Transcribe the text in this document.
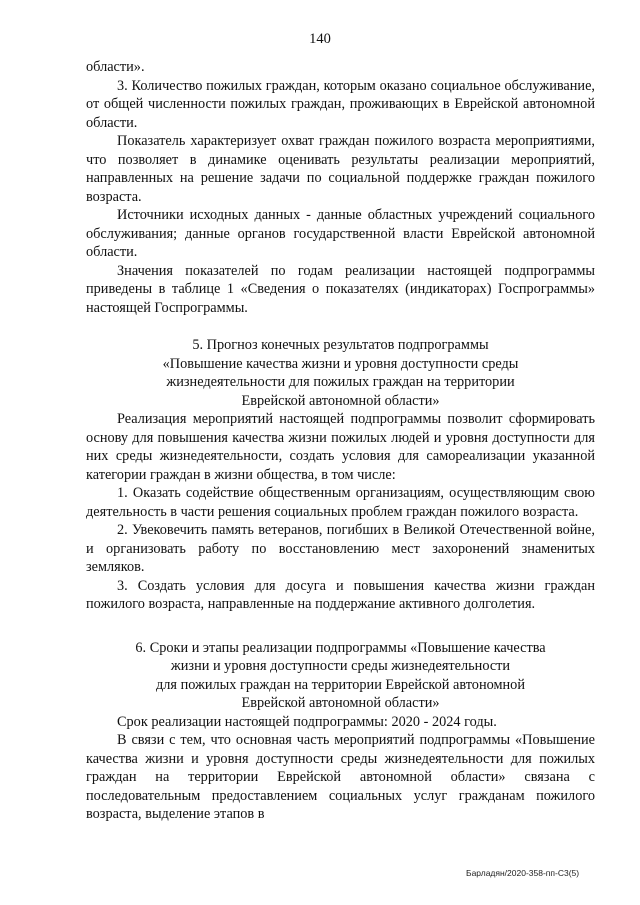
140

области».

3. Количество пожилых граждан, которым оказано социальное обслуживание, от общей численности пожилых граждан, проживающих в Еврейской автономной области.

Показатель характеризует охват граждан пожилого возраста мероприятиями, что позволяет в динамике оценивать результаты реализации мероприятий, направленных на решение задачи по социальной поддержке граждан пожилого возраста.

Источники исходных данных - данные областных учреждений социального обслуживания; данные органов государственной власти Еврейской автономной области.

Значения показателей по годам реализации настоящей подпрограммы приведены в таблице 1 «Сведения о показателях (индикаторах) Госпрограммы» настоящей Госпрограммы.

5. Прогноз конечных результатов подпрограммы
«Повышение качества жизни и уровня доступности среды
жизнедеятельности для пожилых граждан на территории
Еврейской автономной области»

Реализация мероприятий настоящей подпрограммы позволит сформировать основу для повышения качества жизни пожилых людей и уровня доступности для них среды жизнедеятельности, создать условия для самореализации указанной категории граждан в жизни общества, в том числе:

1. Оказать содействие общественным организациям, осуществляющим свою деятельность в части решения социальных проблем граждан пожилого возраста.

2. Увековечить память ветеранов, погибших в Великой Отечественной войне, и организовать работу по восстановлению мест захоронений знаменитых земляков.

3. Создать условия для досуга и повышения качества жизни граждан пожилого возраста, направленные на поддержание активного долголетия.

6. Сроки и этапы реализации подпрограммы «Повышение качества
жизни и уровня доступности среды жизнедеятельности
для пожилых граждан на территории Еврейской автономной
Еврейской автономной области»

Срок реализации настоящей подпрограммы: 2020 - 2024 годы.

В связи с тем, что основная часть мероприятий подпрограммы «Повышение качества жизни и уровня доступности среды жизнедеятельности для пожилых граждан на территории Еврейской автономной области» связана с последовательным предоставлением социальных услуг гражданам пожилого возраста, выделение этапов в

Барладян/2020-358-пп-С3(5)
